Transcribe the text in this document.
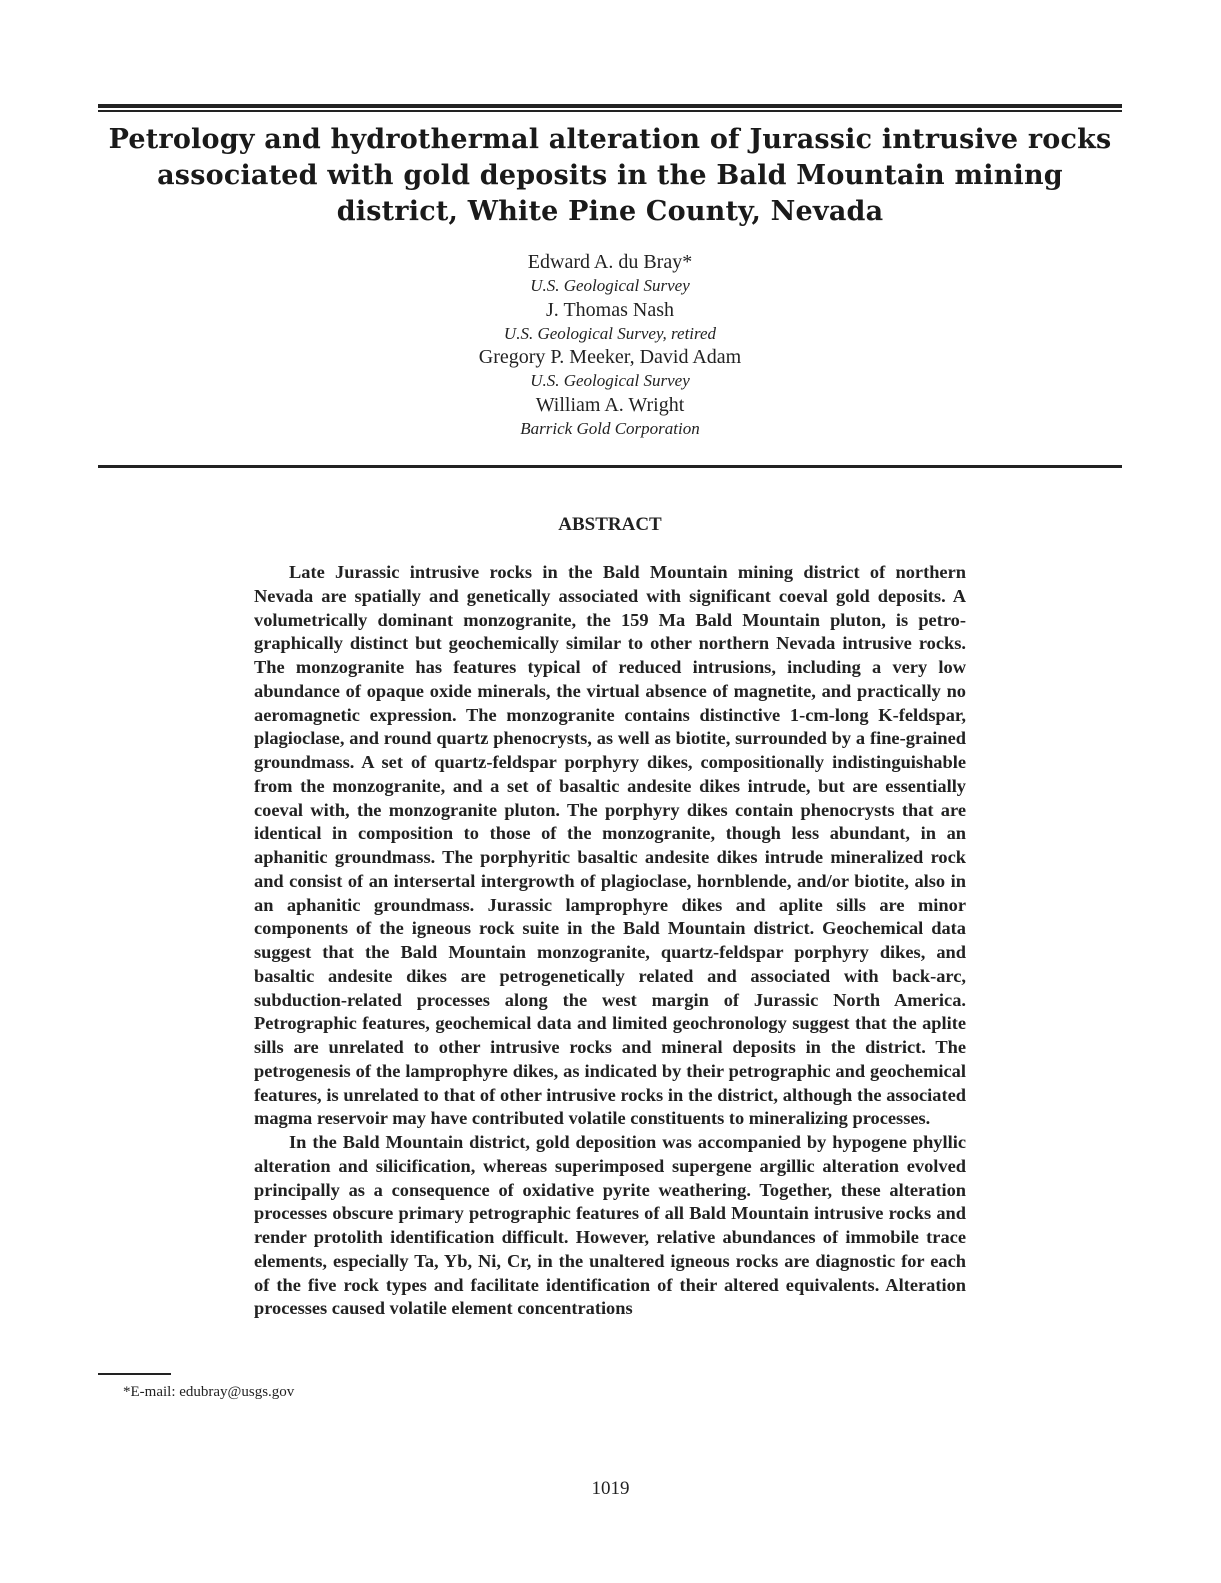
Petrology and hydrothermal alteration of Jurassic intrusive rocks associated with gold deposits in the Bald Mountain mining district, White Pine County, Nevada
Edward A. du Bray*
U.S. Geological Survey
J. Thomas Nash
U.S. Geological Survey, retired
Gregory P. Meeker, David Adam
U.S. Geological Survey
William A. Wright
Barrick Gold Corporation
ABSTRACT

Late Jurassic intrusive rocks in the Bald Mountain mining district of northern Nevada are spatially and genetically associated with significant coeval gold deposits. A volumetrically dominant monzogranite, the 159 Ma Bald Mountain pluton, is petrographically distinct but geochemically similar to other northern Nevada intrusive rocks. The monzogranite has features typical of reduced intrusions, including a very low abundance of opaque oxide minerals, the virtual absence of magnetite, and practically no aeromagnetic expression. The monzogranite contains distinctive 1-cm-long K-feldspar, plagioclase, and round quartz phenocrysts, as well as biotite, surrounded by a fine-grained groundmass. A set of quartz-feldspar porphyry dikes, compositionally indistinguishable from the monzogranite, and a set of basaltic andesite dikes intrude, but are essentially coeval with, the monzogranite pluton. The porphyry dikes contain phenocrysts that are identical in composition to those of the monzogranite, though less abundant, in an aphanitic groundmass. The porphyritic basaltic andesite dikes intrude mineralized rock and consist of an intersertal intergrowth of plagioclase, hornblende, and/or biotite, also in an aphanitic groundmass. Jurassic lamprophyre dikes and aplite sills are minor components of the igneous rock suite in the Bald Mountain district. Geochemical data suggest that the Bald Mountain monzogranite, quartz-feldspar porphyry dikes, and basaltic andesite dikes are petrogenetically related and associated with back-arc, subduction-related processes along the west margin of Jurassic North America. Petrographic features, geochemical data and limited geochronology suggest that the aplite sills are unrelated to other intrusive rocks and mineral deposits in the district. The petrogenesis of the lamprophyre dikes, as indicated by their petrographic and geochemical features, is unrelated to that of other intrusive rocks in the district, although the associated magma reservoir may have contributed volatile constituents to mineralizing processes.

In the Bald Mountain district, gold deposition was accompanied by hypogene phyllic alteration and silicification, whereas superimposed supergene argillic alteration evolved principally as a consequence of oxidative pyrite weathering. Together, these alteration processes obscure primary petrographic features of all Bald Mountain intrusive rocks and render protolith identification difficult. However, relative abundances of immobile trace elements, especially Ta, Yb, Ni, Cr, in the unaltered igneous rocks are diagnostic for each of the five rock types and facilitate identification of their altered equivalents. Alteration processes caused volatile element concentrations

*E-mail: edubray@usgs.gov
1019
